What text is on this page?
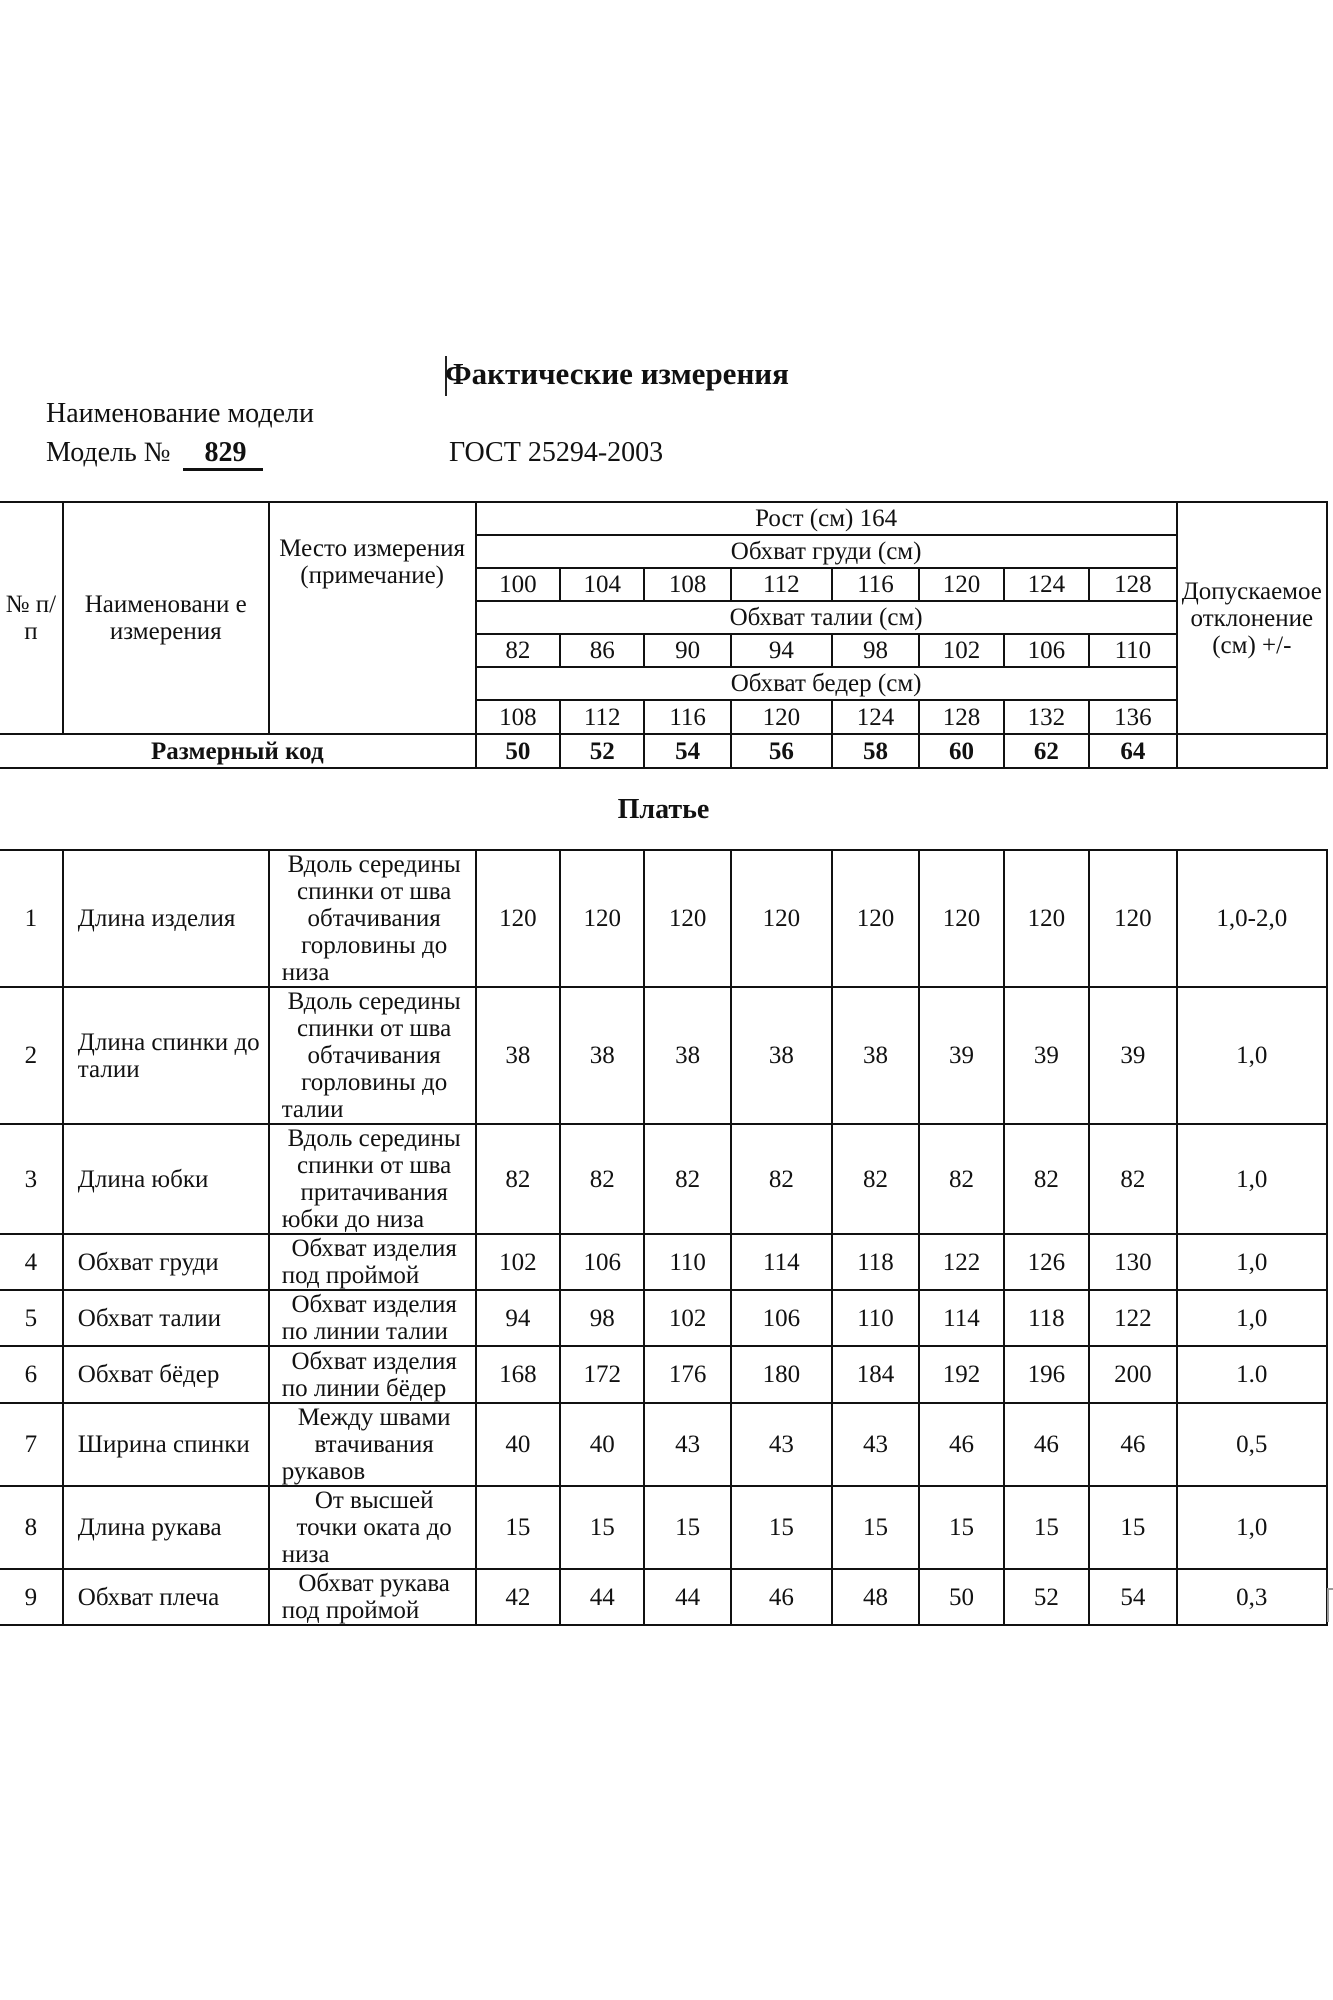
Фактические измерения
Наименование модели
Модель № 829	ГОСТ 25294-2003
№ п/п	Наименовани е измерения	Место измерения (примечание)	Рост (см) 164								Допускаемое отклонение (см) +/-
			Обхват груди (см)								
			100	104	108	112	116	120	124	128	
			Обхват талии (см)								
			82	86	90	94	98	102	106	110	
			Обхват бедер (см)								
			108	112	116	120	124	128	132	136	
Размерный код			50	52	54	56	58	60	62	64	
Платье											
1	Длина изделия	Вдоль середины спинки от шва обтачивания горловины до низа	120	120	120	120	120	120	120	120	1,0-2,0
2	Длина спинки до талии	Вдоль середины спинки от шва обтачивания горловины до талии	38	38	38	38	38	39	39	39	1,0
3	Длина юбки	Вдоль середины спинки от шва притачивания юбки до низа	82	82	82	82	82	82	82	82	1,0
4	Обхват груди	Обхват изделия под проймой	102	106	110	114	118	122	126	130	1,0
5	Обхват талии	Обхват изделия по линии талии	94	98	102	106	110	114	118	122	1,0
6	Обхват бёдер	Обхват изделия по линии бёдер	168	172	176	180	184	192	196	200	1.0
7	Ширина спинки	Между швами втачивания рукавов	40	40	43	43	43	46	46	46	0,5
8	Длина рукава	От высшей точки оката до низа	15	15	15	15	15	15	15	15	1,0
9	Обхват плеча	Обхват рукава под проймой	42	44	44	46	48	50	52	54	0,3
